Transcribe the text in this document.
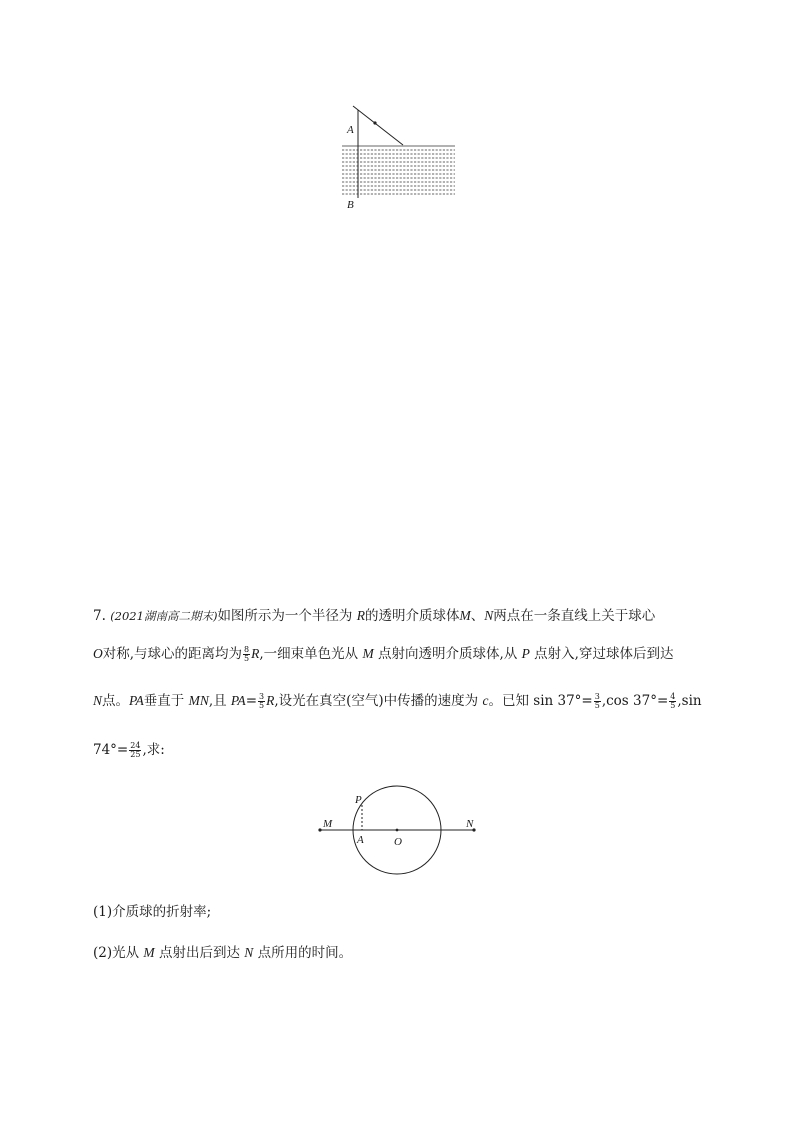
A
B
7. (2021湖南高二期末)如图所示为一个半径为 R的透明介质球体M、N两点在一条直线上关于球心
O对称,与球心的距离均为 $\frac{8}{5} R$,一细束单色光从 M 点射向透明介质球体,从 P 点射入,穿过球体后到达
N点。PA垂直于 MN,且 $PA= \frac{3}{5} R$,设光在真空(空气)中传播的速度为 c。已知 $\sin 37^\circ= \frac{3}{5} ,\cos$ $37^\circ= \frac{4}{5} ,\sin$
$74^\circ= \frac{24}{25}$ ,求:
M	N
P
A	O
(1)介质球的折射率;
(2)光从 M 点射出后到达 N 点所用的时间。
